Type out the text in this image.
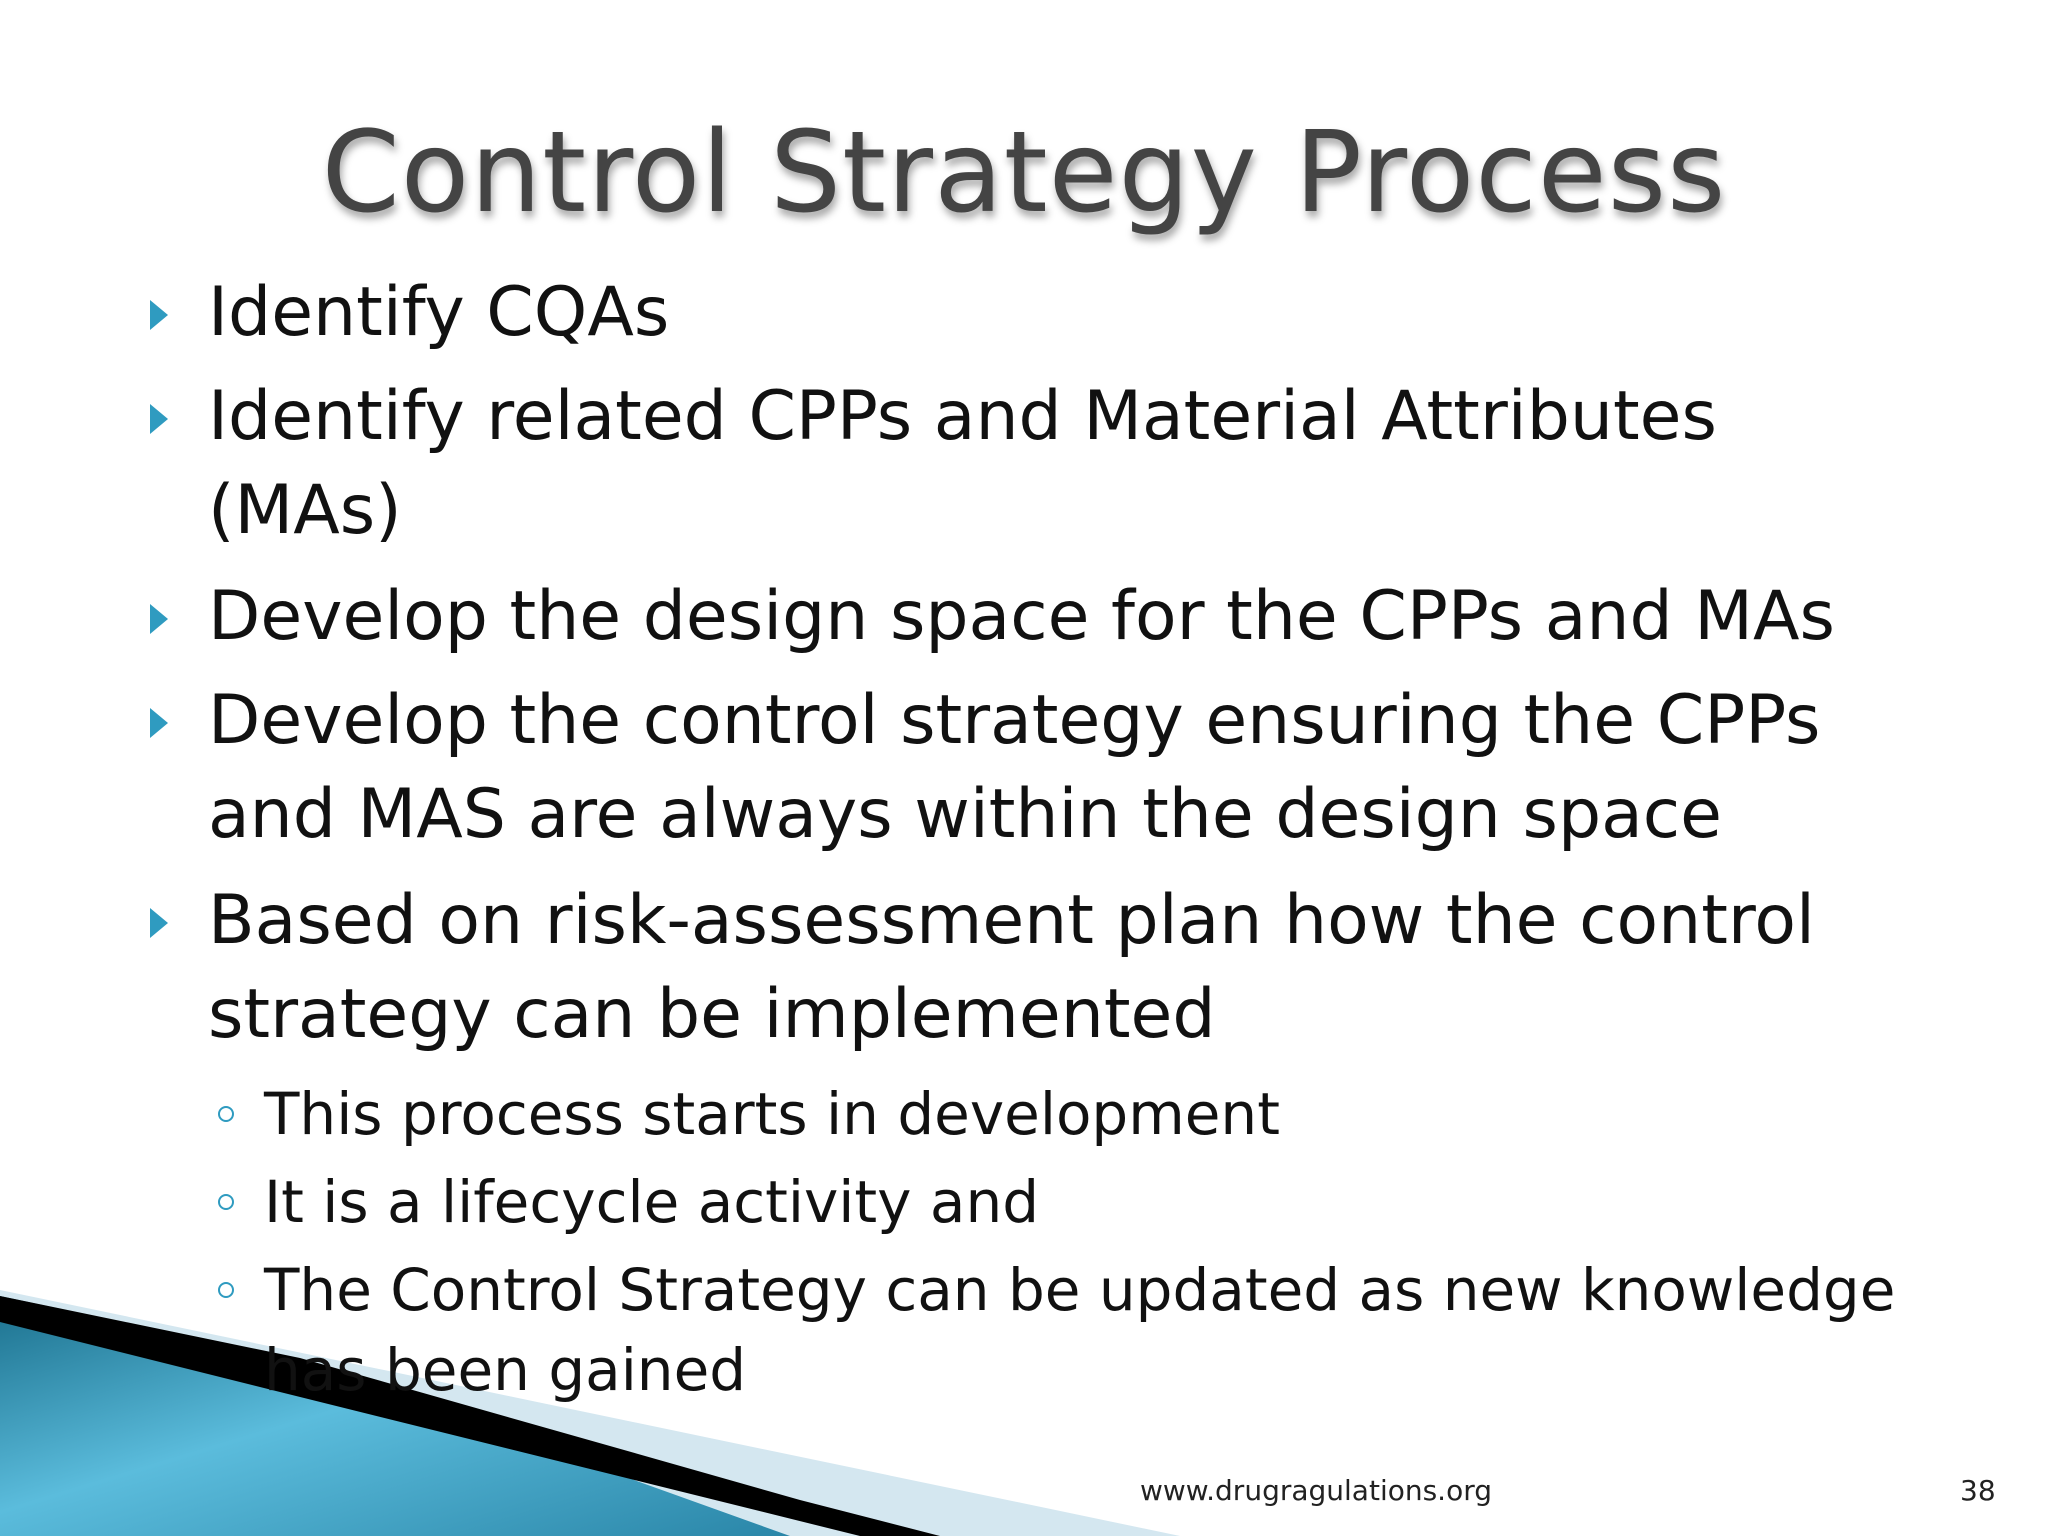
Control Strategy Process
Identify CQAs
Identify related CPPs and Material Attributes (MAs)
Develop the design space for the CPPs and MAs
Develop the control strategy ensuring the CPPs and MAS are always within the design space
Based on risk-assessment plan how the control strategy can be implemented
This process starts in development
It is a lifecycle activity and
The Control Strategy can be updated as new knowledge has been gained
www.drugragulations.org	38
